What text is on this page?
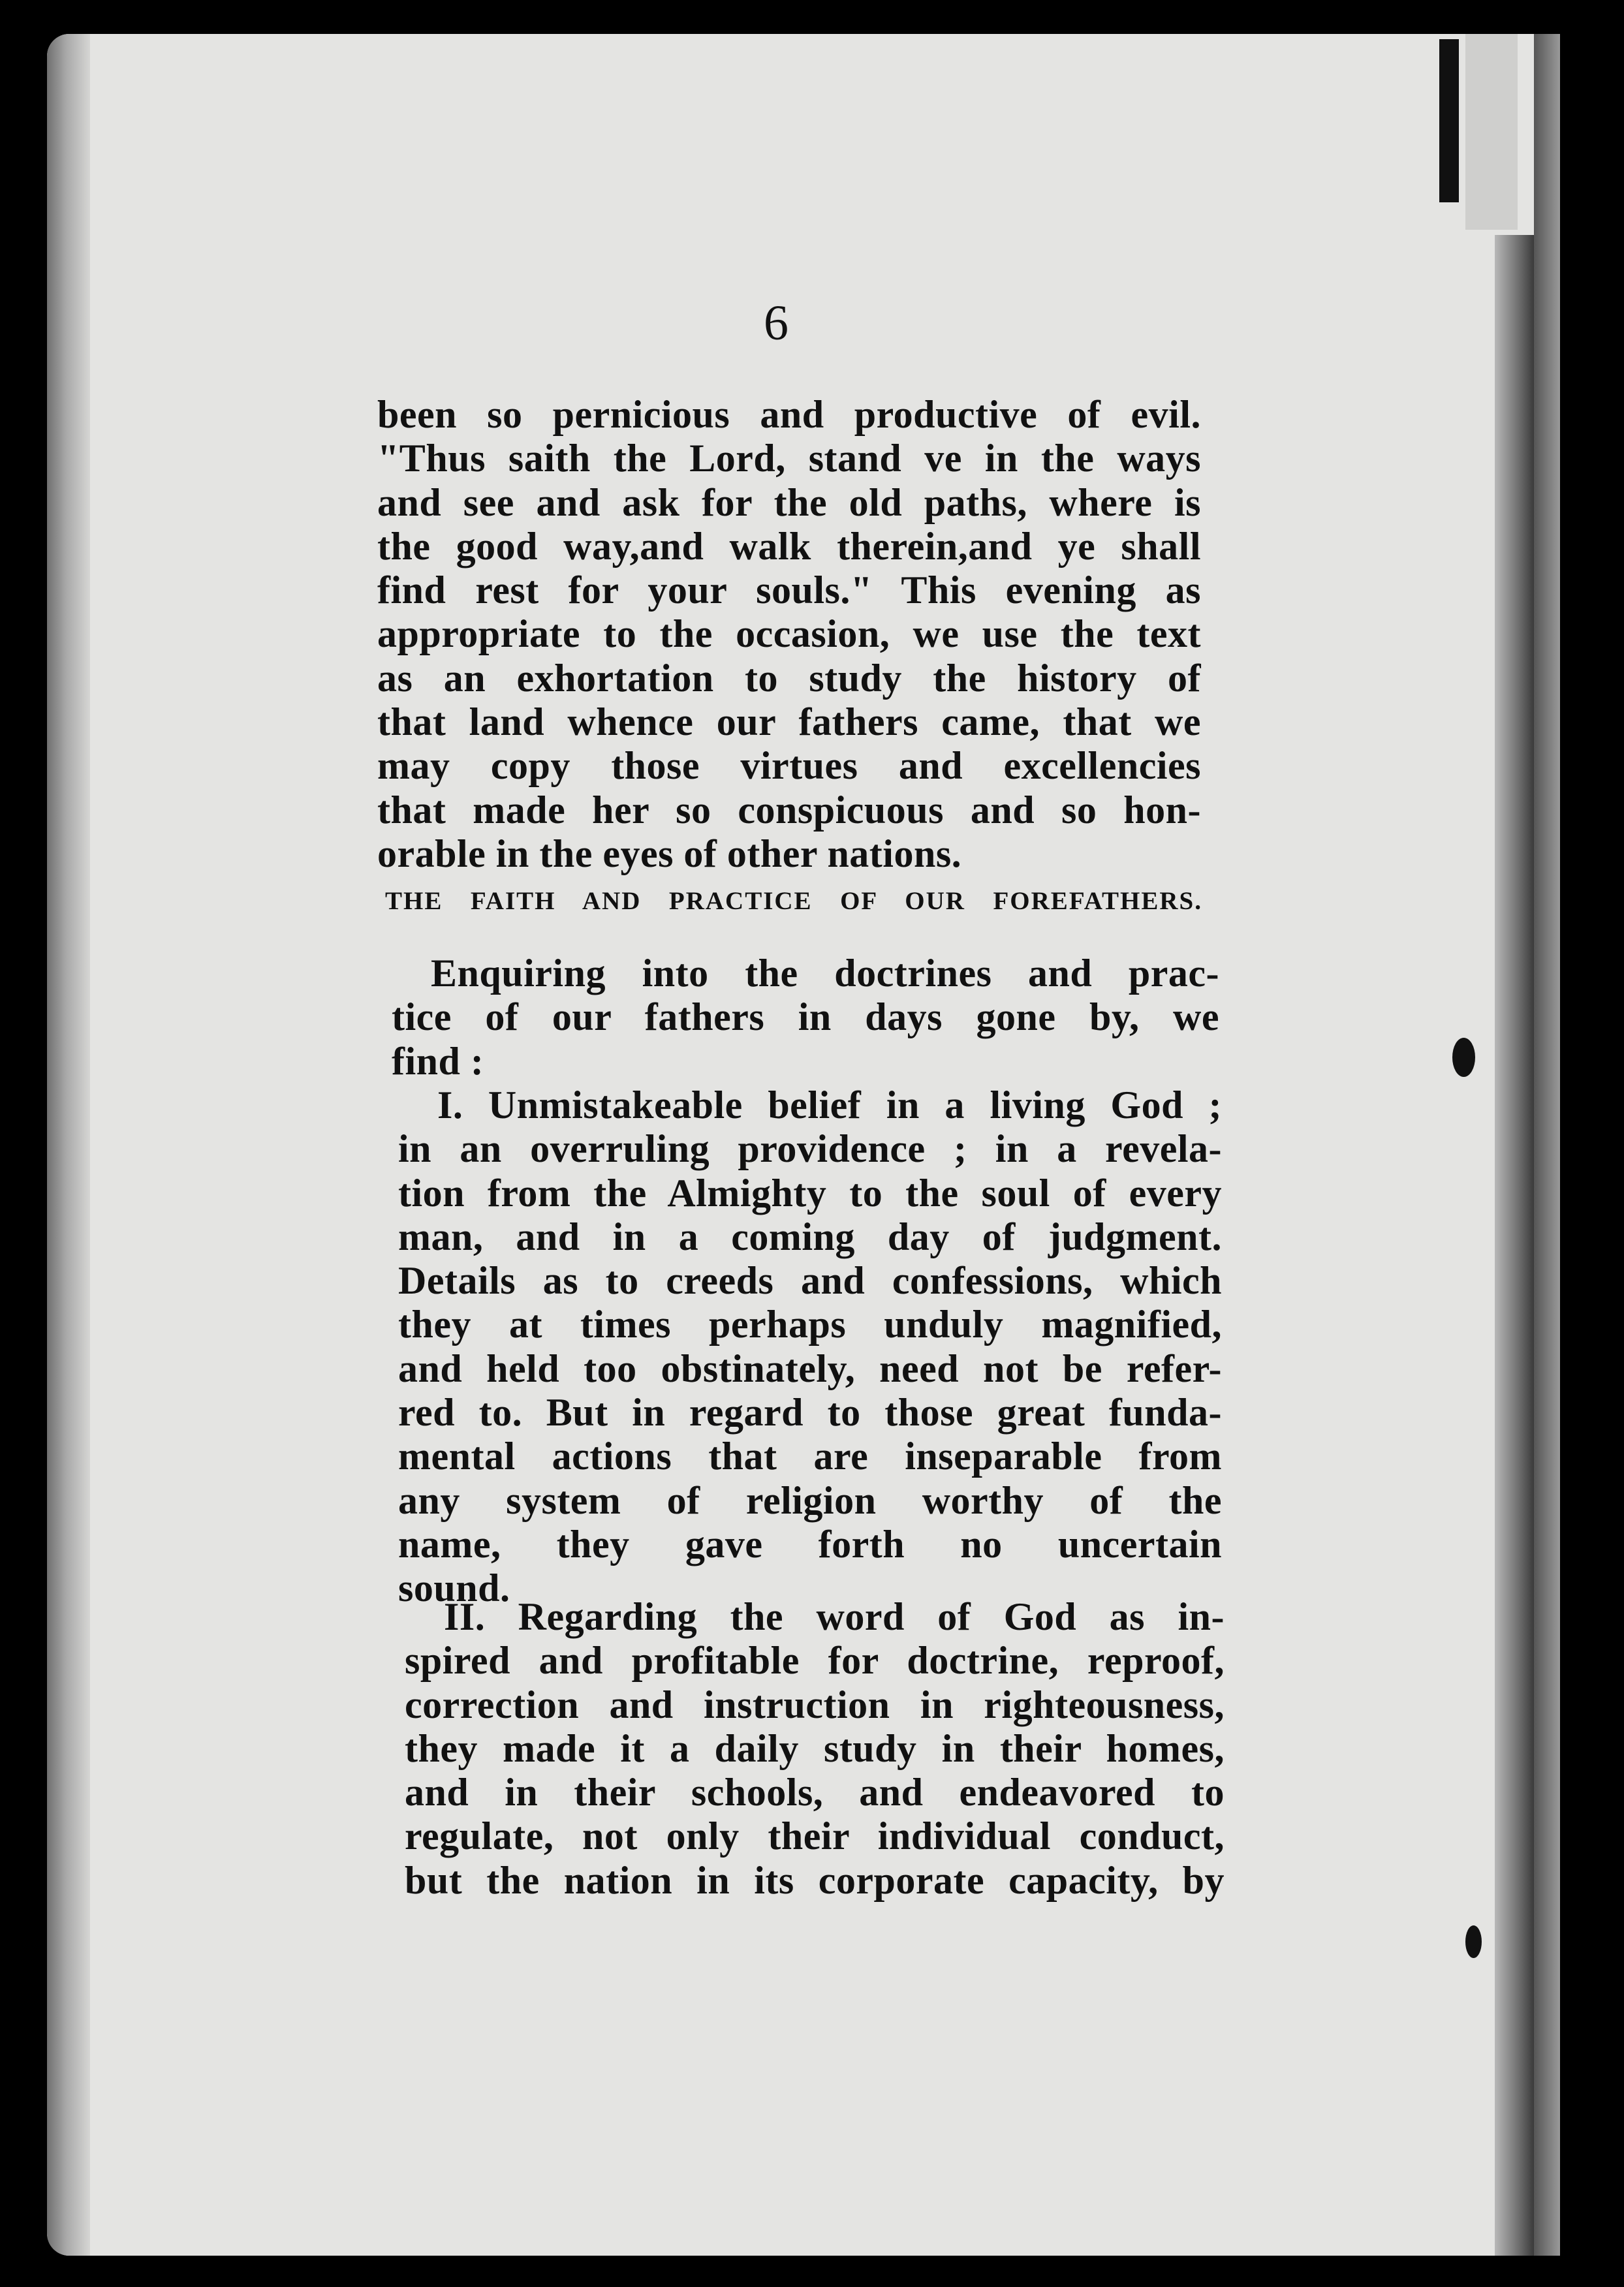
6
been so pernicious and productive of evil.
"Thus saith the Lord, stand ve in the ways
and see and ask for the old paths, where is
the good way,and walk therein,and ye shall
find rest for your souls." This evening as
appropriate to the occasion, we use the text
as an exhortation to study the history of
that land whence our fathers came, that we
may copy those virtues and excellencies
that made her so conspicuous and so hon-
orable in the eyes of other nations.
THE FAITH AND PRACTICE OF OUR FOREFATHERS.
Enquiring into the doctrines and prac-
tice of our fathers in days gone by, we
find :
I. Unmistakeable belief in a living God ;
in an overruling providence ; in a revela-
tion from the Almighty to the soul of every
man, and in a coming day of judgment.
Details as to creeds and confessions, which
they at times perhaps unduly magnified,
and held too obstinately, need not be refer-
red to. But in regard to those great funda-
mental actions that are inseparable from
any system of religion worthy of the
name, they gave forth no uncertain
sound.
II. Regarding the word of God as in-
spired and profitable for doctrine, reproof,
correction and instruction in righteousness,
they made it a daily study in their homes,
and in their schools, and endeavored to
regulate, not only their individual conduct,
but the nation in its corporate capacity, by
